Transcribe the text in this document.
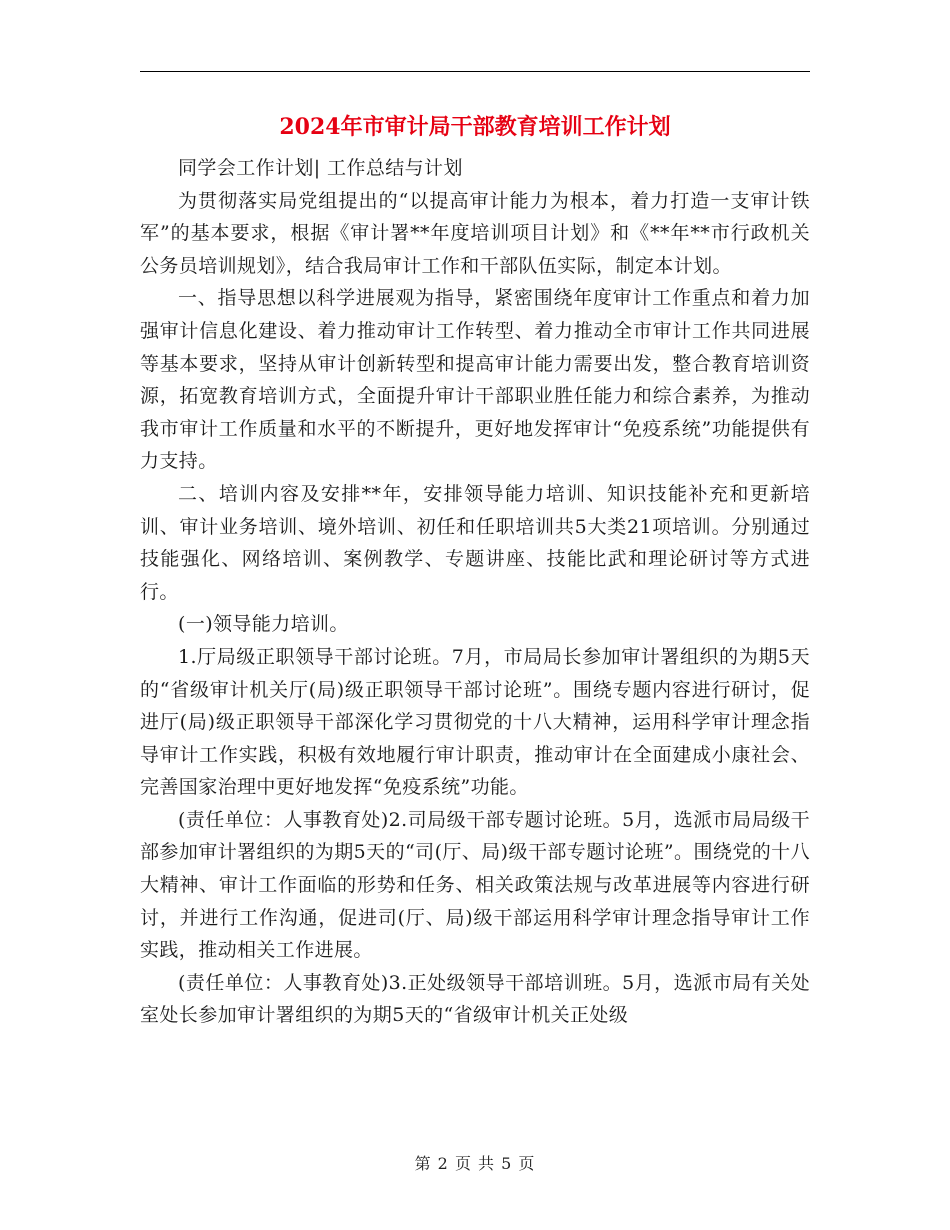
2024年市审计局干部教育培训工作计划

同学会工作计划| 工作总结与计划

为贯彻落实局党组提出的“以提高审计能力为根本，着力打造一支审计铁军”的基本要求，根据《审计署**年度培训项目计划》和《**年**市行政机关公务员培训规划》，结合我局审计工作和干部队伍实际，制定本计划。

一、指导思想以科学进展观为指导，紧密围绕年度审计工作重点和着力加强审计信息化建设、着力推动审计工作转型、着力推动全市审计工作共同进展等基本要求，坚持从审计创新转型和提高审计能力需要出发，整合教育培训资源，拓宽教育培训方式，全面提升审计干部职业胜任能力和综合素养，为推动我市审计工作质量和水平的不断提升，更好地发挥审计“免疫系统”功能提供有力支持。

二、培训内容及安排**年，安排领导能力培训、知识技能补充和更新培训、审计业务培训、境外培训、初任和任职培训共5大类21项培训。分别通过技能强化、网络培训、案例教学、专题讲座、技能比武和理论研讨等方式进行。

(一)领导能力培训。

1.厅局级正职领导干部讨论班。7月，市局局长参加审计署组织的为期5天的“省级审计机关厅(局)级正职领导干部讨论班”。围绕专题内容进行研讨，促进厅(局)级正职领导干部深化学习贯彻党的十八大精神，运用科学审计理念指导审计工作实践，积极有效地履行审计职责，推动审计在全面建成小康社会、完善国家治理中更好地发挥“免疫系统”功能。

(责任单位：人事教育处)2.司局级干部专题讨论班。5月，选派市局局级干部参加审计署组织的为期5天的“司(厅、局)级干部专题讨论班”。围绕党的十八大精神、审计工作面临的形势和任务、相关政策法规与改革进展等内容进行研讨，并进行工作沟通，促进司(厅、局)级干部运用科学审计理念指导审计工作实践，推动相关工作进展。

(责任单位：人事教育处)3.正处级领导干部培训班。5月，选派市局有关处室处长参加审计署组织的为期5天的“省级审计机关正处级

第 2 页 共 5 页
